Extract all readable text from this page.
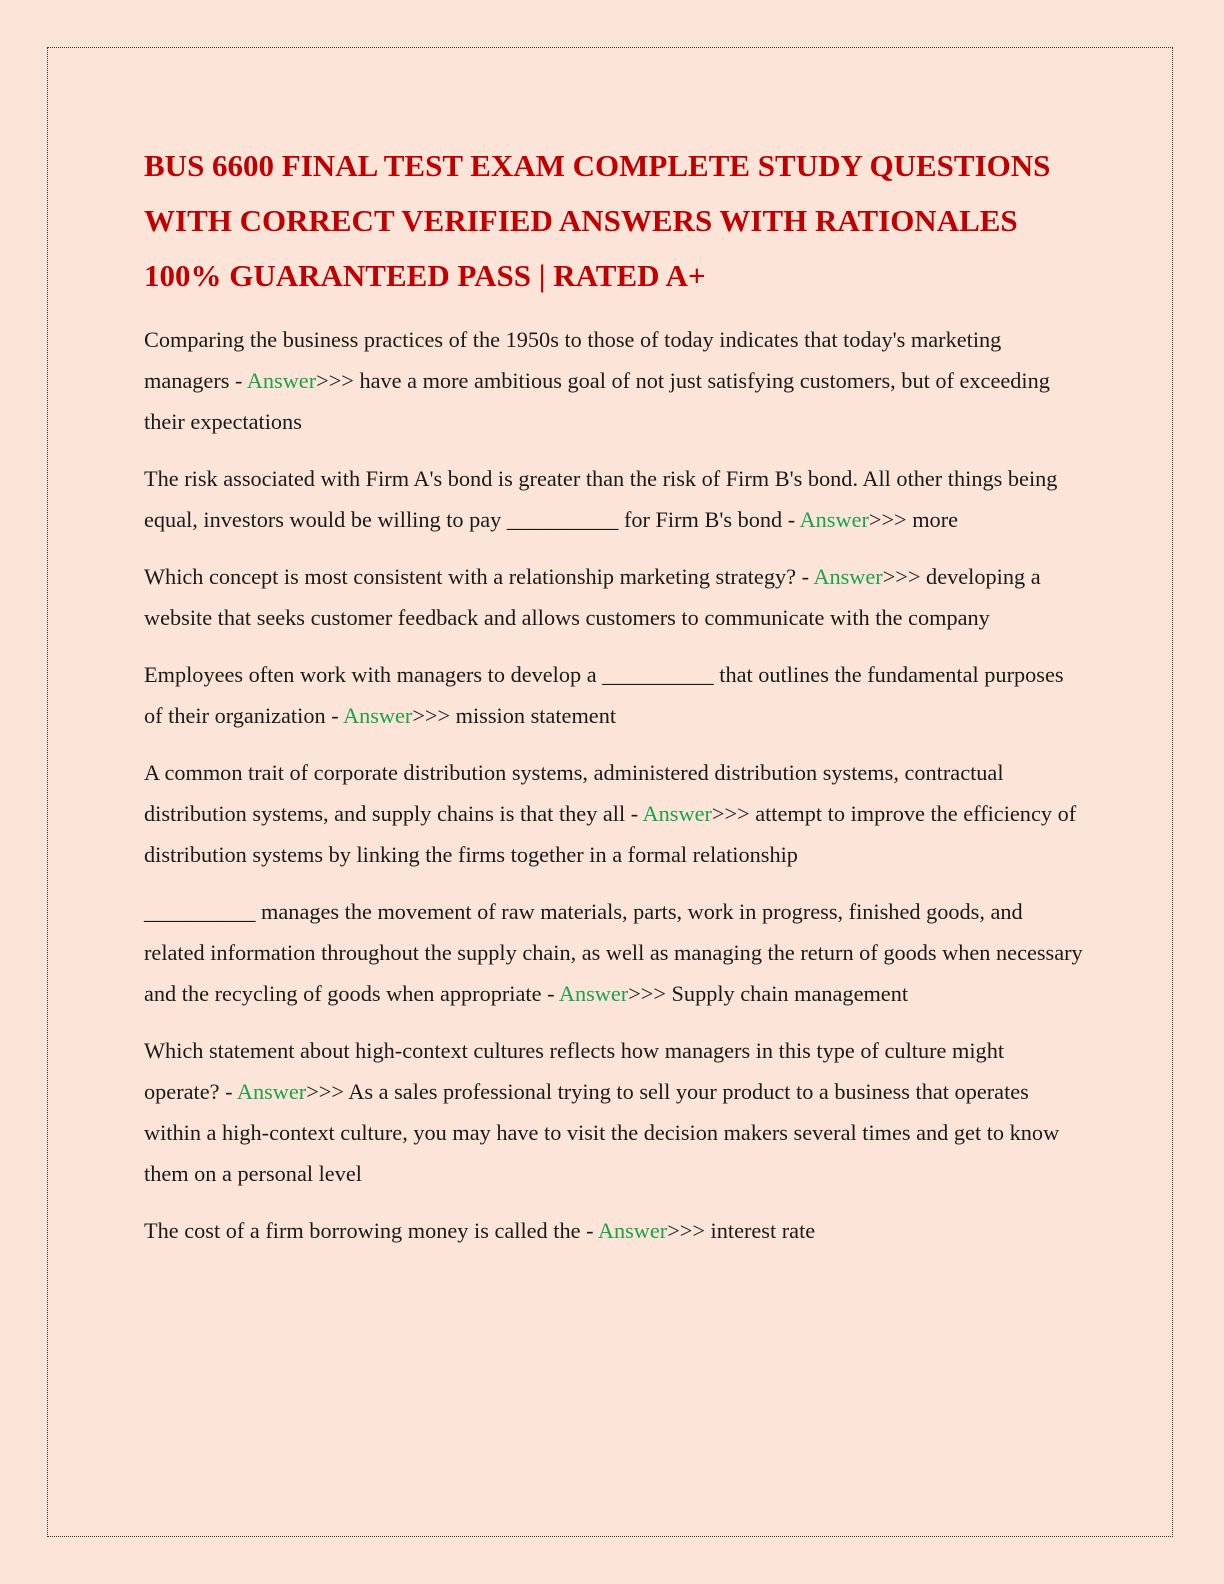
BUS 6600 FINAL TEST EXAM COMPLETE STUDY QUESTIONS WITH CORRECT VERIFIED ANSWERS WITH RATIONALES 100% GUARANTEED PASS | RATED A+

Comparing the business practices of the 1950s to those of today indicates that today's marketing managers - Answer>>> have a more ambitious goal of not just satisfying customers, but of exceeding their expectations

The risk associated with Firm A's bond is greater than the risk of Firm B's bond. All other things being equal, investors would be willing to pay __________ for Firm B's bond - Answer>>> more

Which concept is most consistent with a relationship marketing strategy? - Answer>>> developing a website that seeks customer feedback and allows customers to communicate with the company

Employees often work with managers to develop a __________ that outlines the fundamental purposes of their organization - Answer>>> mission statement

A common trait of corporate distribution systems, administered distribution systems, contractual distribution systems, and supply chains is that they all - Answer>>> attempt to improve the efficiency of distribution systems by linking the firms together in a formal relationship

__________ manages the movement of raw materials, parts, work in progress, finished goods, and related information throughout the supply chain, as well as managing the return of goods when necessary and the recycling of goods when appropriate - Answer>>> Supply chain management

Which statement about high-context cultures reflects how managers in this type of culture might operate? - Answer>>> As a sales professional trying to sell your product to a business that operates within a high-context culture, you may have to visit the decision makers several times and get to know them on a personal level

The cost of a firm borrowing money is called the - Answer>>> interest rate
